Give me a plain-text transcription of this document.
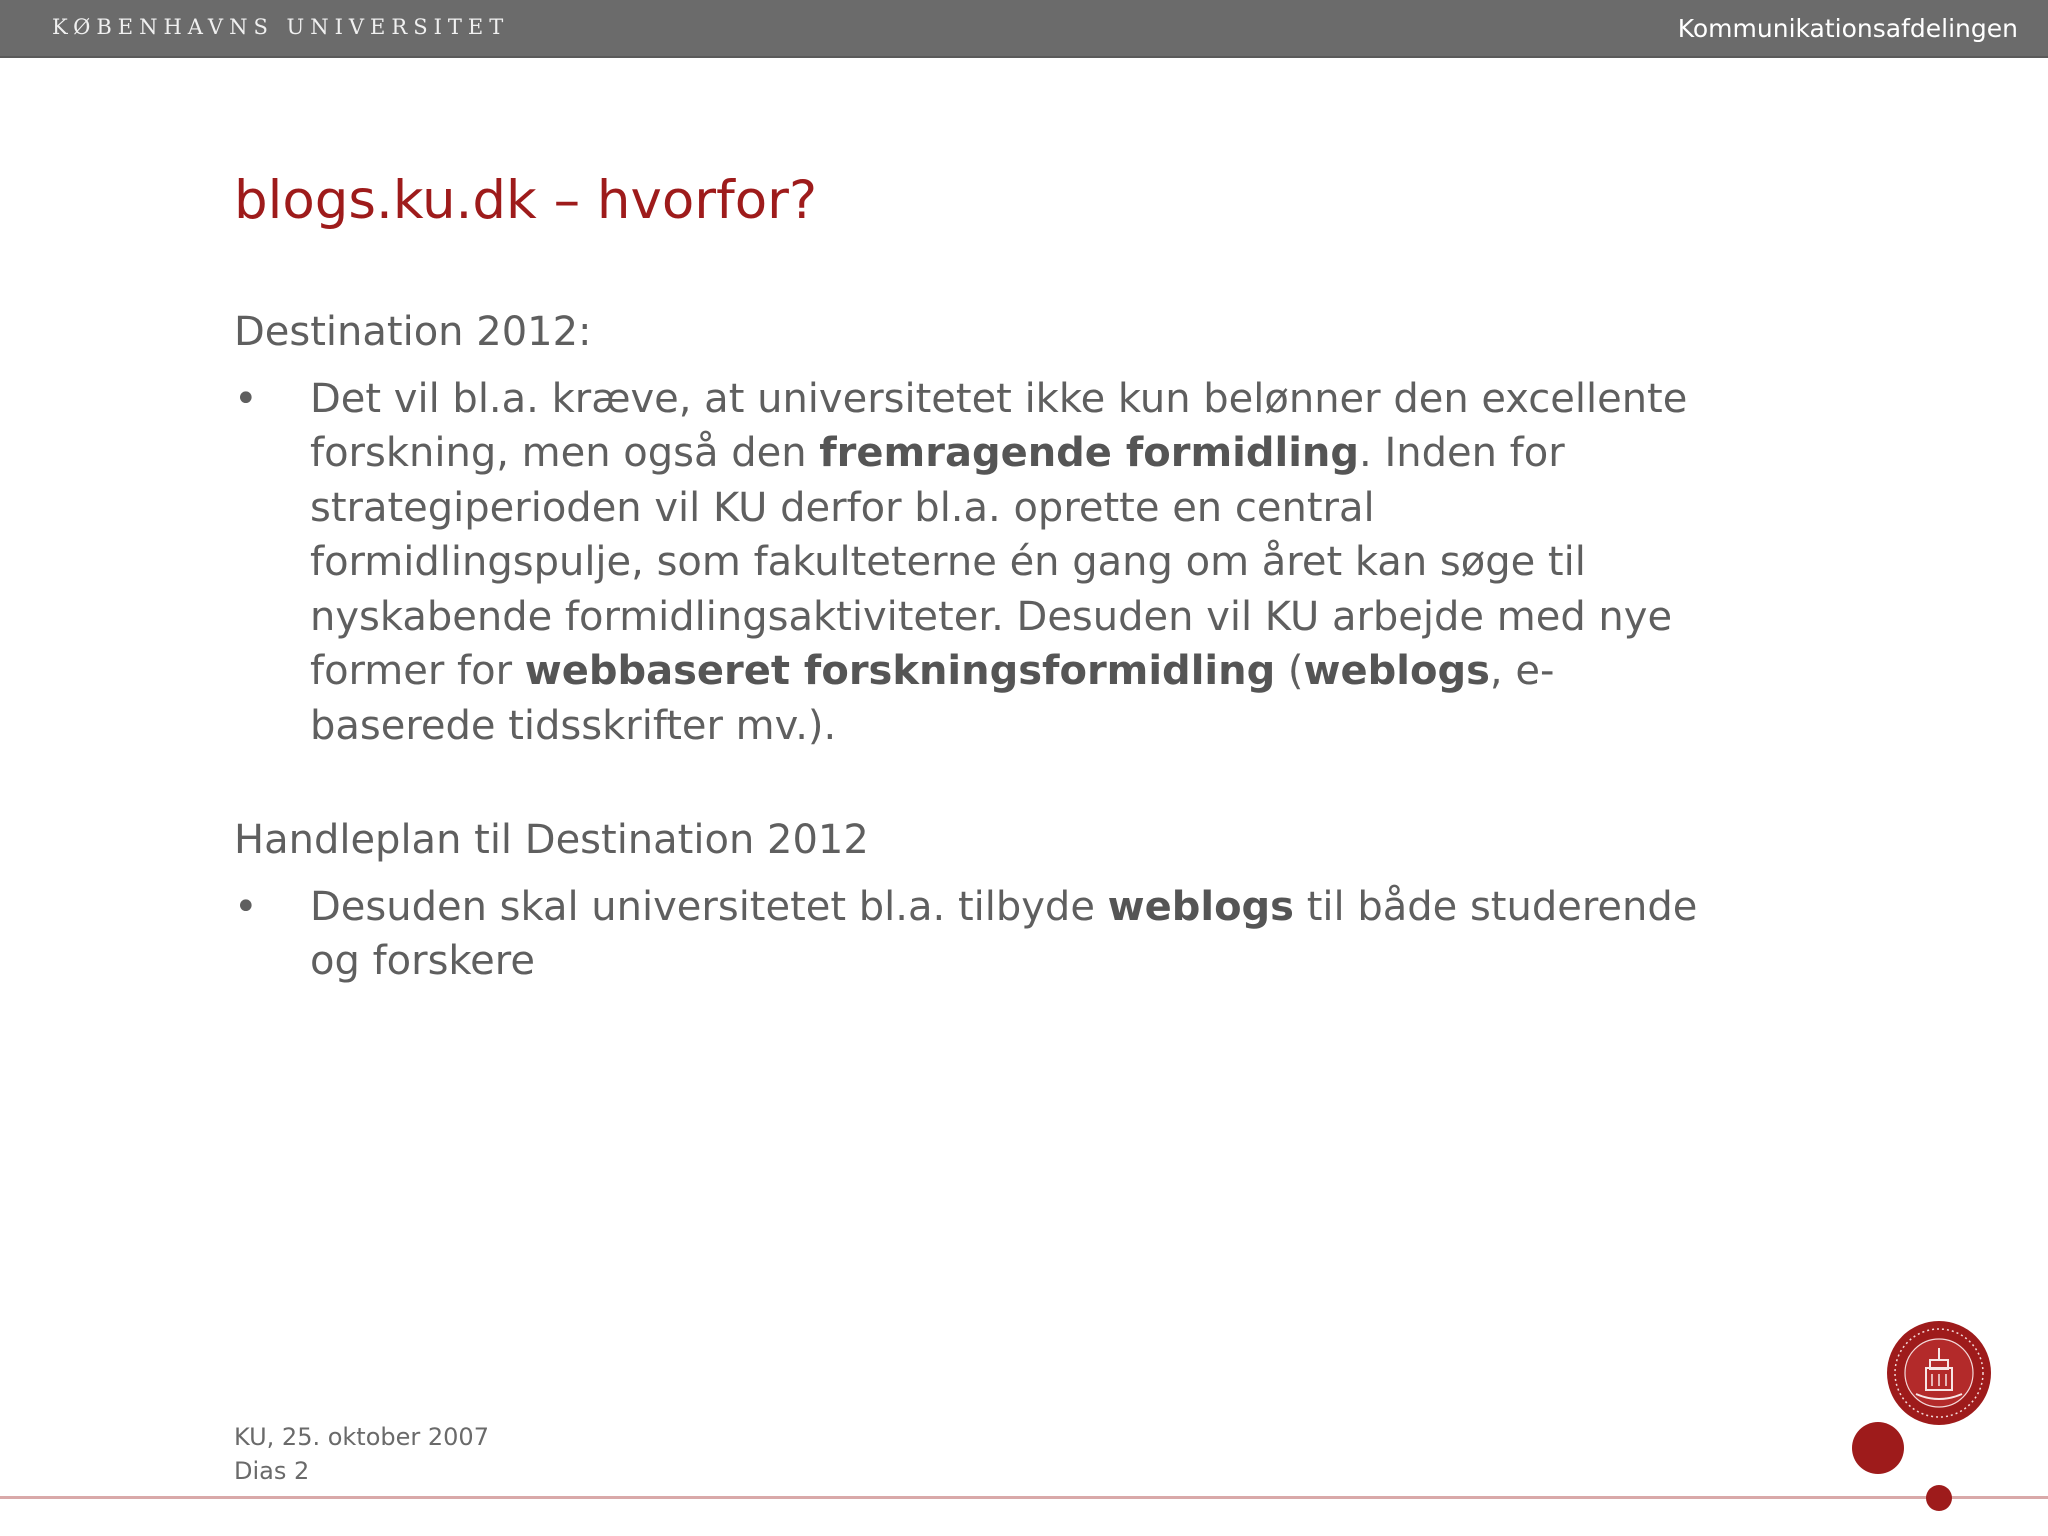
KØBENHAVNS UNIVERSITET	Kommunikationsafdelingen
blogs.ku.dk – hvorfor?

Destination 2012:

• Det vil bl.a. kræve, at universitetet ikke kun belønner den excellente forskning, men også den fremragende formidling. Inden for strategiperioden vil KU derfor bl.a. oprette en central formidlingspulje, som fakulteterne én gang om året kan søge til nyskabende formidlingsaktiviteter. Desuden vil KU arbejde med nye former for webbaseret forskningsformidling (weblogs, e-baserede tidsskrifter mv.).

Handleplan til Destination 2012

• Desuden skal universitetet bl.a. tilbyde weblogs til både studerende og forskere
KU, 25. oktober 2007
Dias 2
